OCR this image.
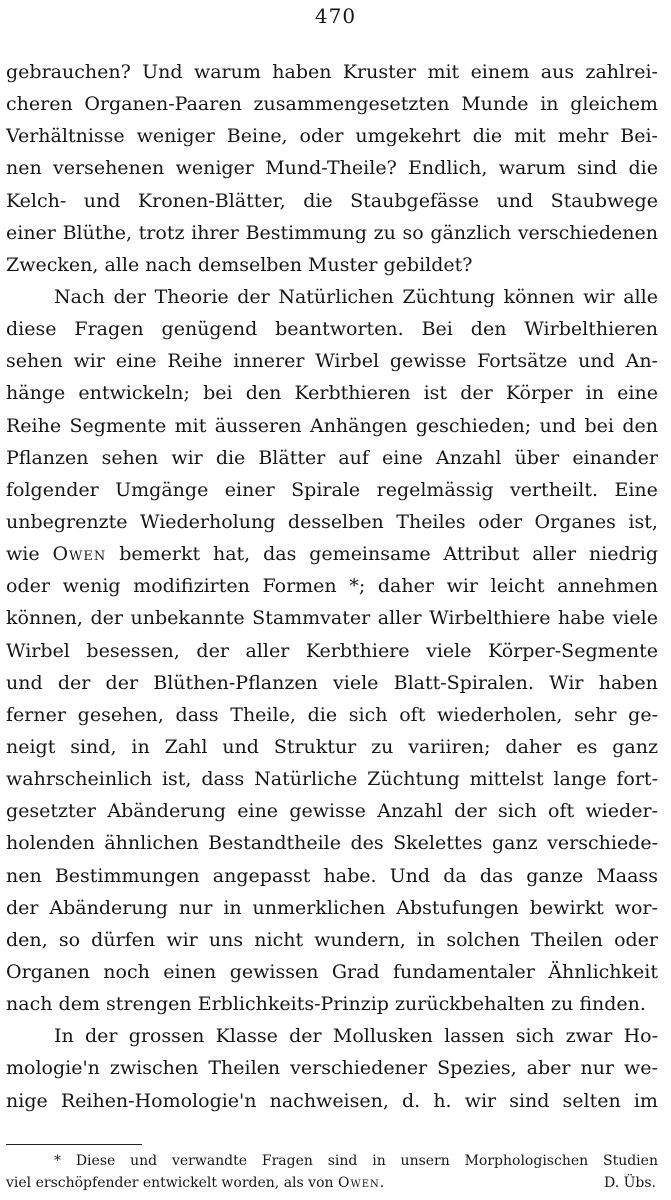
470
gebrauchen? Und warum haben Kruster mit einem aus zahlrei-
cheren Organen-Paaren zusammengesetzten Munde in gleichem
Verhältnisse weniger Beine, oder umgekehrt die mit mehr Bei-
nen versehenen weniger Mund-Theile? Endlich, warum sind die
Kelch- und Kronen-Blätter, die Staubgefässe und Staubwege
einer Blüthe, trotz ihrer Bestimmung zu so gänzlich verschiedenen
Zwecken, alle nach demselben Muster gebildet?
Nach der Theorie der Natürlichen Züchtung können wir alle
diese Fragen genügend beantworten. Bei den Wirbelthieren
sehen wir eine Reihe innerer Wirbel gewisse Fortsätze und An-
hänge entwickeln; bei den Kerbthieren ist der Körper in eine
Reihe Segmente mit äusseren Anhängen geschieden; und bei den
Pflanzen sehen wir die Blätter auf eine Anzahl über einander
folgender Umgänge einer Spirale regelmässig vertheilt. Eine
unbegrenzte Wiederholung desselben Theiles oder Organes ist,
wie Owen bemerkt hat, das gemeinsame Attribut aller niedrig
oder wenig modifizirten Formen *; daher wir leicht annehmen
können, der unbekannte Stammvater aller Wirbelthiere habe viele
Wirbel besessen, der aller Kerbthiere viele Körper-Segmente
und der der Blüthen-Pflanzen viele Blatt-Spiralen. Wir haben
ferner gesehen, dass Theile, die sich oft wiederholen, sehr ge-
neigt sind, in Zahl und Struktur zu variiren; daher es ganz
wahrscheinlich ist, dass Natürliche Züchtung mittelst lange fort-
gesetzter Abänderung eine gewisse Anzahl der sich oft wieder-
holenden ähnlichen Bestandtheile des Skelettes ganz verschiede-
nen Bestimmungen angepasst habe. Und da das ganze Maass
der Abänderung nur in unmerklichen Abstufungen bewirkt wor-
den, so dürfen wir uns nicht wundern, in solchen Theilen oder
Organen noch einen gewissen Grad fundamentaler Ähnlichkeit
nach dem strengen Erblichkeits-Prinzip zurückbehalten zu finden.
In der grossen Klasse der Mollusken lassen sich zwar Ho-
mologie'n zwischen Theilen verschiedener Spezies, aber nur we-
nige Reihen-Homologie'n nachweisen, d. h. wir sind selten im
* Diese und verwandte Fragen sind in unsern Morphologischen Studien
viel erschöpfender entwickelt worden, als von Owen.	D. Übs.
